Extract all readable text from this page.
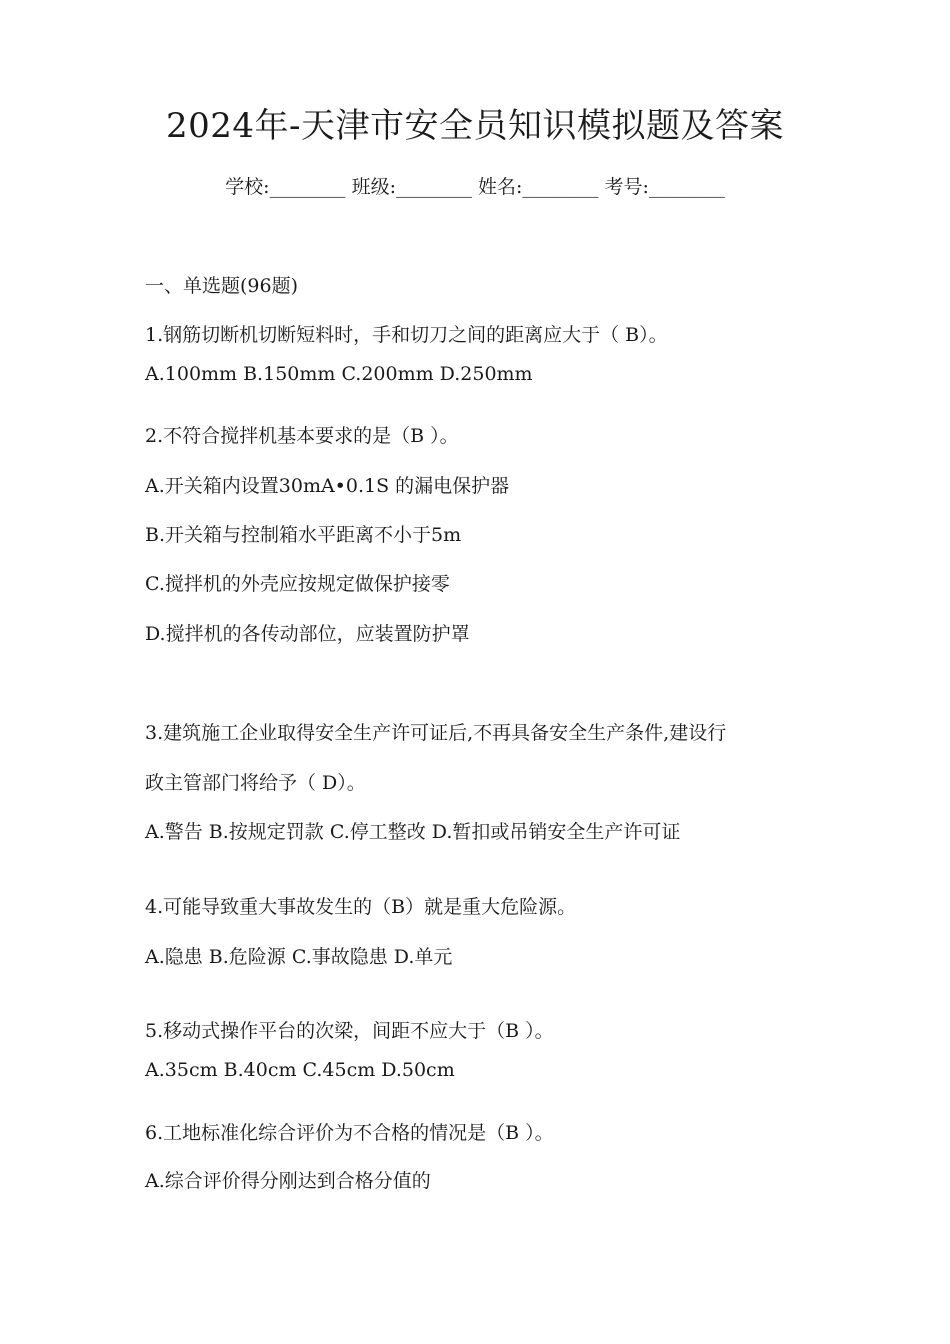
2024年-天津市安全员知识模拟题及答案
学校:________ 班级:________ 姓名:________ 考号:________
一、单选题(96题)
1.钢筋切断机切断短料时，手和切刀之间的距离应大于（ B）。
A.100mm B.150mm C.200mm D.250mm
2.不符合搅拌机基本要求的是（B ）。
A.开关箱内设置30mA•0.1S 的漏电保护器
B.开关箱与控制箱水平距离不小于5m
C.搅拌机的外壳应按规定做保护接零
D.搅拌机的各传动部位，应装置防护罩
3.建筑施工企业取得安全生产许可证后,不再具备安全生产条件,建设行
政主管部门将给予（ D）。
A.警告 B.按规定罚款 C.停工整改 D.暂扣或吊销安全生产许可证
4.可能导致重大事故发生的（B）就是重大危险源。
A.隐患 B.危险源 C.事故隐患 D.单元
5.移动式操作平台的次梁，间距不应大于（B ）。
A.35cm B.40cm C.45cm D.50cm
6.工地标准化综合评价为不合格的情况是（B ）。
A.综合评价得分刚达到合格分值的
